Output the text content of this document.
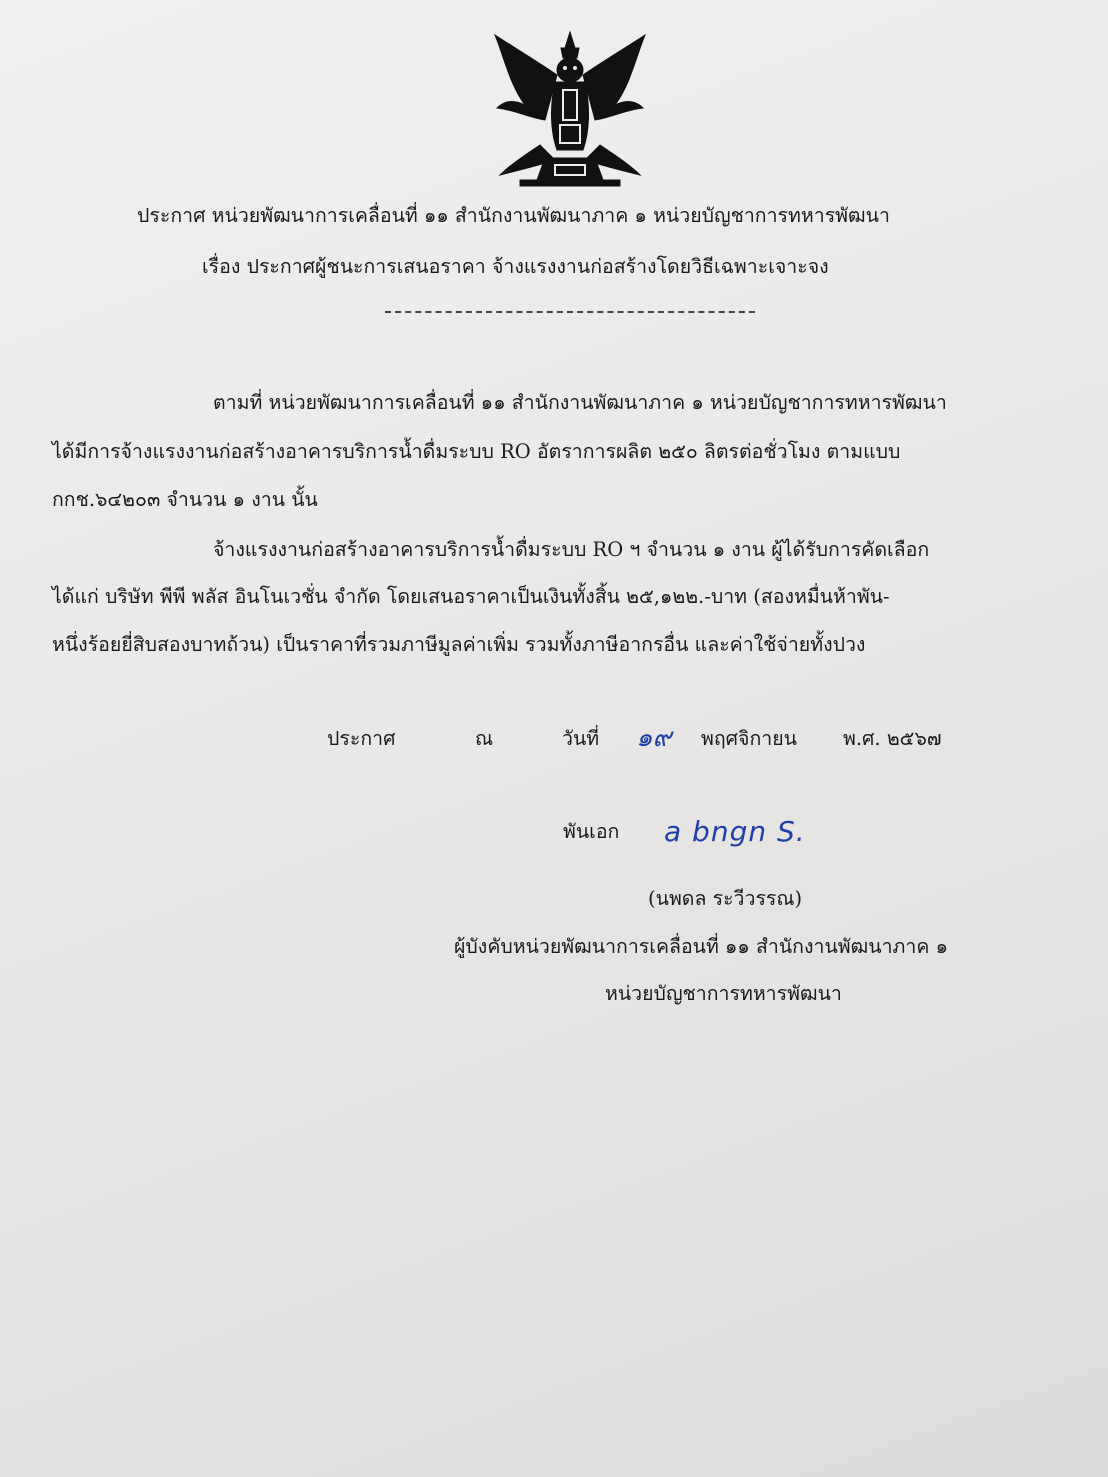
ประกาศ หน่วยพัฒนาการเคลื่อนที่ ๑๑ สำนักงานพัฒนาภาค ๑ หน่วยบัญชาการทหารพัฒนา
เรื่อง ประกาศผู้ชนะการเสนอราคา จ้างแรงงานก่อสร้างโดยวิธีเฉพาะเจาะจง
ตามที่ หน่วยพัฒนาการเคลื่อนที่ ๑๑ สำนักงานพัฒนาภาค ๑ หน่วยบัญชาการทหารพัฒนา
ได้มีการจ้างแรงงานก่อสร้างอาคารบริการน้ำดื่มระบบ RO อัตราการผลิต ๒๕๐ ลิตรต่อชั่วโมง ตามแบบ
กกช.๖๔๒๐๓ จำนวน ๑ งาน นั้น
จ้างแรงงานก่อสร้างอาคารบริการน้ำดื่มระบบ RO ฯ จำนวน ๑ งาน ผู้ได้รับการคัดเลือก
ได้แก่ บริษัท พีพี พลัส อินโนเวชั่น จำกัด โดยเสนอราคาเป็นเงินทั้งสิ้น ๒๕,๑๒๒.-บาท (สองหมื่นห้าพัน-
หนึ่งร้อยยี่สิบสองบาทถ้วน) เป็นราคาที่รวมภาษีมูลค่าเพิ่ม รวมทั้งภาษีอากรอื่น และค่าใช้จ่ายทั้งปวง
ประกาศ	ณ	วันที่ ๑๙ พฤศจิกายน พ.ศ. ๒๕๖๗
พันเอก a bngn S.
(นพดล ระวีวรรณ)
ผู้บังคับหน่วยพัฒนาการเคลื่อนที่ ๑๑ สำนักงานพัฒนาภาค ๑
หน่วยบัญชาการทหารพัฒนา
